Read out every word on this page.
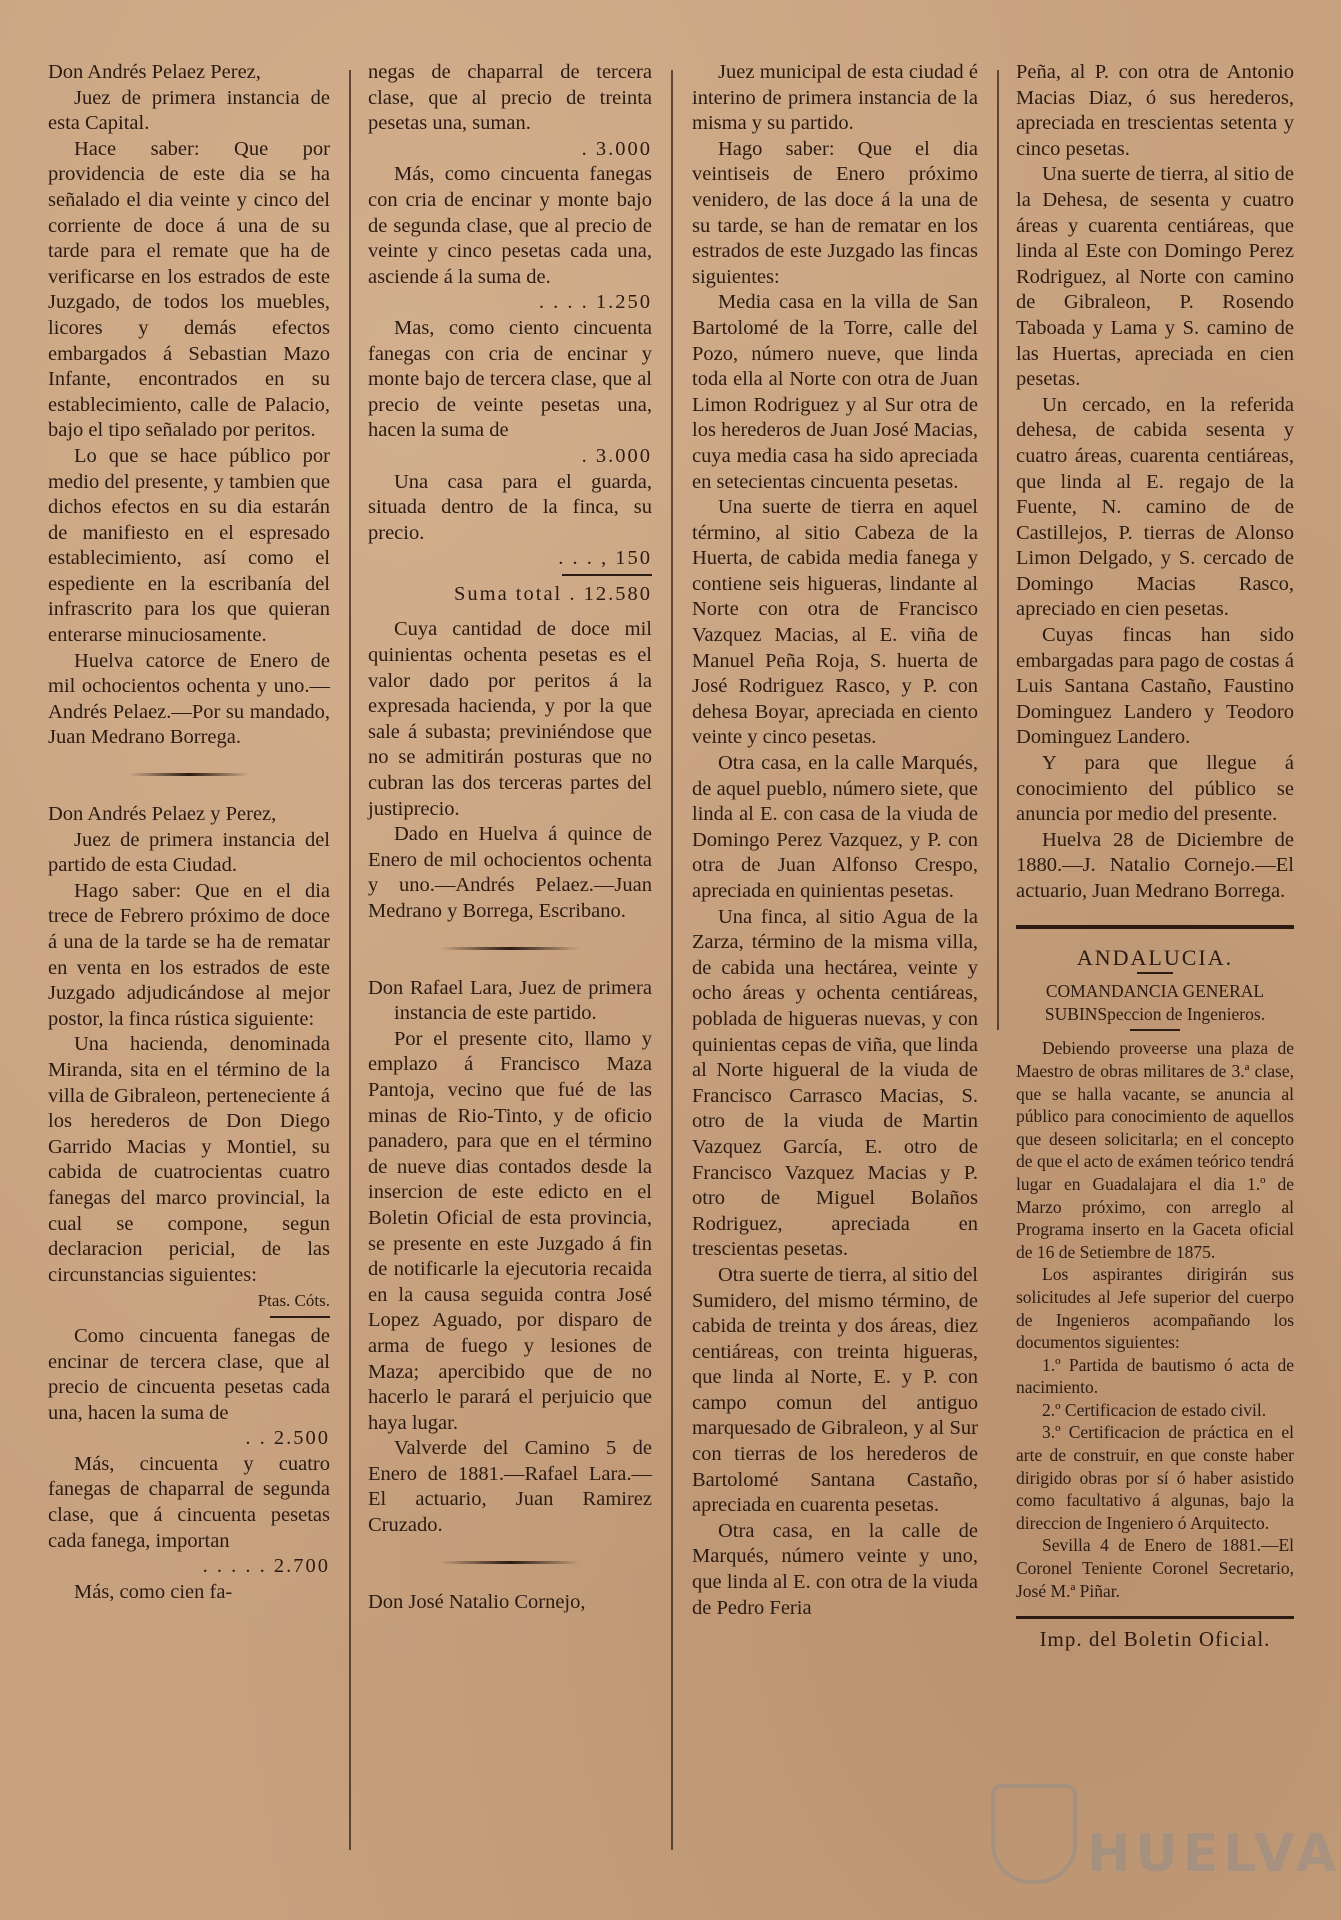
Don Andrés Pelaez Perez,

Juez de primera instancia de esta Capital.

Hace saber: Que por providencia de este dia se ha señalado el dia veinte y cinco del corriente de doce á una de su tarde para el remate que ha de verificarse en los estrados de este Juzgado, de todos los muebles, licores y demás efectos embargados á Sebastian Mazo Infante, encontrados en su establecimiento, calle de Palacio, bajo el tipo señalado por peritos.

Lo que se hace público por medio del presente, y tambien que dichos efectos en su dia estarán de manifiesto en el espresado establecimiento, así como el espediente en la escribanía del infrascrito para los que quieran enterarse minuciosamente.

Huelva catorce de Enero de mil ochocientos ochenta y uno.—Andrés Pelaez.—Por su mandado, Juan Medrano Borrega.

Don Andrés Pelaez y Perez,

Juez de primera instancia del partido de esta Ciudad.

Hago saber: Que en el dia trece de Febrero próximo de doce á una de la tarde se ha de rematar en venta en los estrados de este Juzgado adjudicándose al mejor postor, la finca rústica siguiente:

Una hacienda, denominada Miranda, sita en el término de la villa de Gibraleon, perteneciente á los herederos de Don Diego Garrido Macias y Montiel, su cabida de cuatrocientas cuatro fanegas del marco provincial, la cual se compone, segun declaracion pericial, de las circunstancias siguientes:

Ptas. Cóts.

Como cincuenta fanegas de encinar de tercera clase, que al precio de cincuenta pesetas cada una, hacen la suma de

. . 2.500

Más, cincuenta y cuatro fanegas de chaparral de segunda clase, que á cincuenta pesetas cada fanega, importan

. . . . . 2.700

Más, como cien fa-

negas de chaparral de tercera clase, que al precio de treinta pesetas una, suman.

. 3.000

Más, como cincuenta fanegas con cria de encinar y monte bajo de segunda clase, que al precio de veinte y cinco pesetas cada una, asciende á la suma de.

. . . . 1.250

Mas, como ciento cincuenta fanegas con cria de encinar y monte bajo de tercera clase, que al precio de veinte pesetas una, hacen la suma de

. 3.000

Una casa para el guarda, situada dentro de la finca, su precio.

. . . , 150

Suma total . 12.580

Cuya cantidad de doce mil quinientas ochenta pesetas es el valor dado por peritos á la expresada hacienda, y por la que sale á subasta; previniéndose que no se admitirán posturas que no cubran las dos terceras partes del justiprecio.

Dado en Huelva á quince de Enero de mil ochocientos ochenta y uno.—Andrés Pelaez.—Juan Medrano y Borrega, Escribano.

Don Rafael Lara, Juez de primera instancia de este partido.

Por el presente cito, llamo y emplazo á Francisco Maza Pantoja, vecino que fué de las minas de Rio-Tinto, y de oficio panadero, para que en el término de nueve dias contados desde la insercion de este edicto en el Boletin Oficial de esta provincia, se presente en este Juzgado á fin de notificarle la ejecutoria recaida en la causa seguida contra José Lopez Aguado, por disparo de arma de fuego y lesiones de Maza; apercibido que de no hacerlo le parará el perjuicio que haya lugar.

Valverde del Camino 5 de Enero de 1881.—Rafael Lara.—El actuario, Juan Ramirez Cruzado.

Don José Natalio Cornejo,

Juez municipal de esta ciudad é interino de primera instancia de la misma y su partido.

Hago saber: Que el dia veintiseis de Enero próximo venidero, de las doce á la una de su tarde, se han de rematar en los estrados de este Juzgado las fincas siguientes:

Media casa en la villa de San Bartolomé de la Torre, calle del Pozo, número nueve, que linda toda ella al Norte con otra de Juan Limon Rodriguez y al Sur otra de los herederos de Juan José Macias, cuya media casa ha sido apreciada en setecientas cincuenta pesetas.

Una suerte de tierra en aquel término, al sitio Cabeza de la Huerta, de cabida media fanega y contiene seis higueras, lindante al Norte con otra de Francisco Vazquez Macias, al E. viña de Manuel Peña Roja, S. huerta de José Rodriguez Rasco, y P. con dehesa Boyar, apreciada en ciento veinte y cinco pesetas.

Otra casa, en la calle Marqués, de aquel pueblo, número siete, que linda al E. con casa de la viuda de Domingo Perez Vazquez, y P. con otra de Juan Alfonso Crespo, apreciada en quinientas pesetas.

Una finca, al sitio Agua de la Zarza, término de la misma villa, de cabida una hectárea, veinte y ocho áreas y ochenta centiáreas, poblada de higueras nuevas, y con quinientas cepas de viña, que linda al Norte higueral de la viuda de Francisco Carrasco Macias, S. otro de la viuda de Martin Vazquez García, E. otro de Francisco Vazquez Macias y P. otro de Miguel Bolaños Rodriguez, apreciada en trescientas pesetas.

Otra suerte de tierra, al sitio del Sumidero, del mismo término, de cabida de treinta y dos áreas, diez centiáreas, con treinta higueras, que linda al Norte, E. y P. con campo comun del antiguo marquesado de Gibraleon, y al Sur con tierras de los herederos de Bartolomé Santana Castaño, apreciada en cuarenta pesetas.

Otra casa, en la calle de Marqués, número veinte y uno, que linda al E. con otra de la viuda de Pedro Feria

Peña, al P. con otra de Antonio Macias Diaz, ó sus herederos, apreciada en trescientas setenta y cinco pesetas.

Una suerte de tierra, al sitio de la Dehesa, de sesenta y cuatro áreas y cuarenta centiáreas, que linda al Este con Domingo Perez Rodriguez, al Norte con camino de Gibraleon, P. Rosendo Taboada y Lama y S. camino de las Huertas, apreciada en cien pesetas.

Un cercado, en la referida dehesa, de cabida sesenta y cuatro áreas, cuarenta centiáreas, que linda al E. regajo de la Fuente, N. camino de de Castillejos, P. tierras de Alonso Limon Delgado, y S. cercado de Domingo Macias Rasco, apreciado en cien pesetas.

Cuyas fincas han sido embargadas para pago de costas á Luis Santana Castaño, Faustino Dominguez Landero y Teodoro Dominguez Landero.

Y para que llegue á conocimiento del público se anuncia por medio del presente.

Huelva 28 de Diciembre de 1880.—J. Natalio Cornejo.—El actuario, Juan Medrano Borrega.

ANDALUCIA.

COMANDANCIA GENERAL SUBINSpeccion de Ingenieros.

Debiendo proveerse una plaza de Maestro de obras militares de 3.ª clase, que se halla vacante, se anuncia al público para conocimiento de aquellos que deseen solicitarla; en el concepto de que el acto de exámen teórico tendrá lugar en Guadalajara el dia 1.º de Marzo próximo, con arreglo al Programa inserto en la Gaceta oficial de 16 de Setiembre de 1875.

Los aspirantes dirigirán sus solicitudes al Jefe superior del cuerpo de Ingenieros acompañando los documentos siguientes:

1.º Partida de bautismo ó acta de nacimiento.

2.º Certificacion de estado civil.

3.º Certificacion de práctica en el arte de construir, en que conste haber dirigido obras por sí ó haber asistido como facultativo á algunas, bajo la direccion de Ingeniero ó Arquitecto.

Sevilla 4 de Enero de 1881.—El Coronel Teniente Coronel Secretario, José M.ª Piñar.

Imp. del Boletin Oficial.

HUELVA
